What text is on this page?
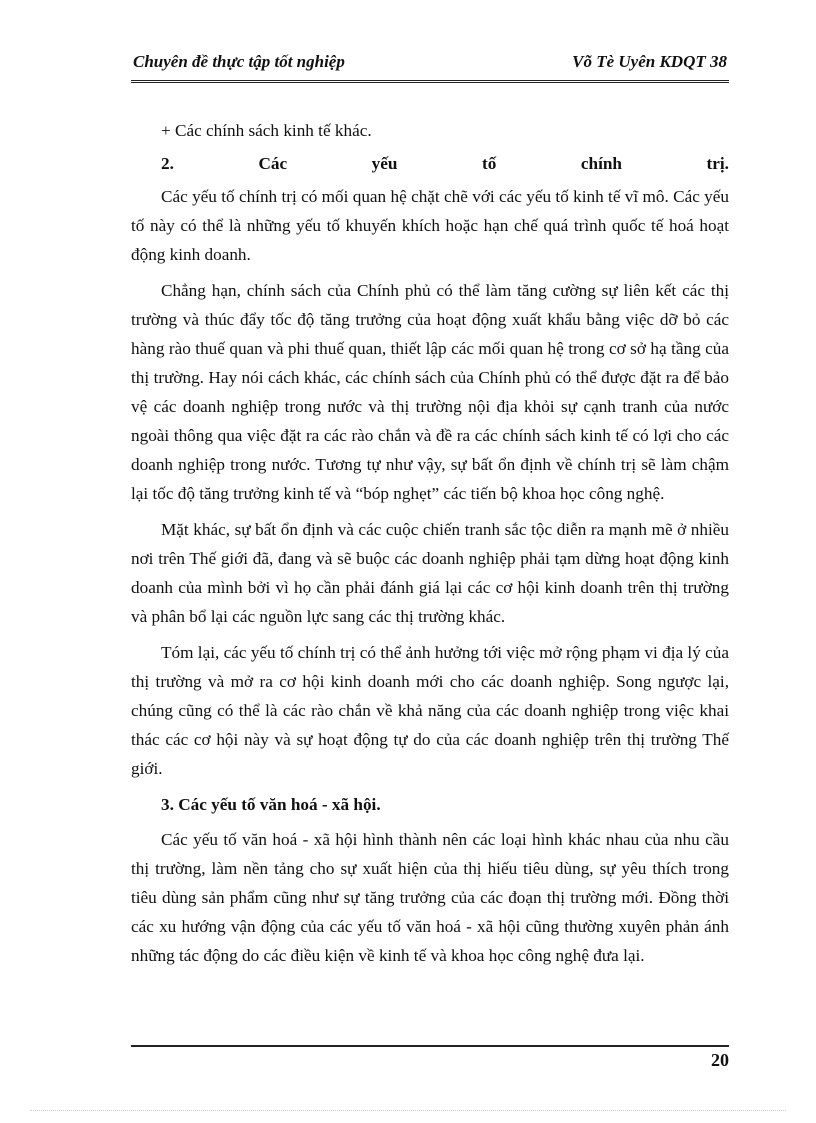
Chuyên đề thực tập tốt nghiệp	Võ Tè Uyên KDQT 38

+ Các chính sách kinh tế khác.

2.	Các	yếu	tố	chính	trị.

Các yếu tố chính trị có mối quan hệ chặt chẽ với các yếu tố kinh tế vĩ mô. Các yếu tố này có thể là những yếu tố khuyến khích hoặc hạn chế quá trình quốc tế hoá hoạt động kinh doanh.

Chẳng hạn, chính sách của Chính phủ có thể làm tăng cường sự liên kết các thị trường và thúc đẩy tốc độ tăng trưởng của hoạt động xuất khẩu bằng việc dỡ bỏ các hàng rào thuế quan và phi thuế quan, thiết lập các mối quan hệ trong cơ sở hạ tầng của thị trường. Hay nói cách khác, các chính sách của Chính phủ có thể được đặt ra để bảo vệ các doanh nghiệp trong nước và thị trường nội địa khỏi sự cạnh tranh của nước ngoài thông qua việc đặt ra các rào chắn và đề ra các chính sách kinh tế có lợi cho các doanh nghiệp trong nước. Tương tự như vậy, sự bất ổn định về chính trị sẽ làm chậm lại tốc độ tăng trưởng kinh tế và “bóp nghẹt” các tiến bộ khoa học công nghệ.

Mặt khác, sự bất ổn định và các cuộc chiến tranh sắc tộc diễn ra mạnh mẽ ở nhiều nơi trên Thế giới đã, đang và sẽ buộc các doanh nghiệp phải tạm dừng hoạt động kinh doanh của mình bởi vì họ cần phải đánh giá lại các cơ hội kinh doanh trên thị trường và phân bổ lại các nguồn lực sang các thị trường khác.

Tóm lại, các yếu tố chính trị có thể ảnh hưởng tới việc mở rộng phạm vi địa lý của thị trường và mở ra cơ hội kinh doanh mới cho các doanh nghiệp. Song ngược lại, chúng cũng có thể là các rào chắn về khả năng của các doanh nghiệp trong việc khai thác các cơ hội này và sự hoạt động tự do của các doanh nghiệp trên thị trường Thế giới.

3. Các yếu tố văn hoá - xã hội.

Các yếu tố văn hoá - xã hội hình thành nên các loại hình khác nhau của nhu cầu thị trường, làm nền tảng cho sự xuất hiện của thị hiếu tiêu dùng, sự yêu thích trong tiêu dùng sản phẩm cũng như sự tăng trưởng của các đoạn thị trường mới. Đồng thời các xu hướng vận động của các yếu tố văn hoá - xã hội cũng thường xuyên phản ánh những tác động do các điều kiện về kinh tế và khoa học công nghệ đưa lại.

20
